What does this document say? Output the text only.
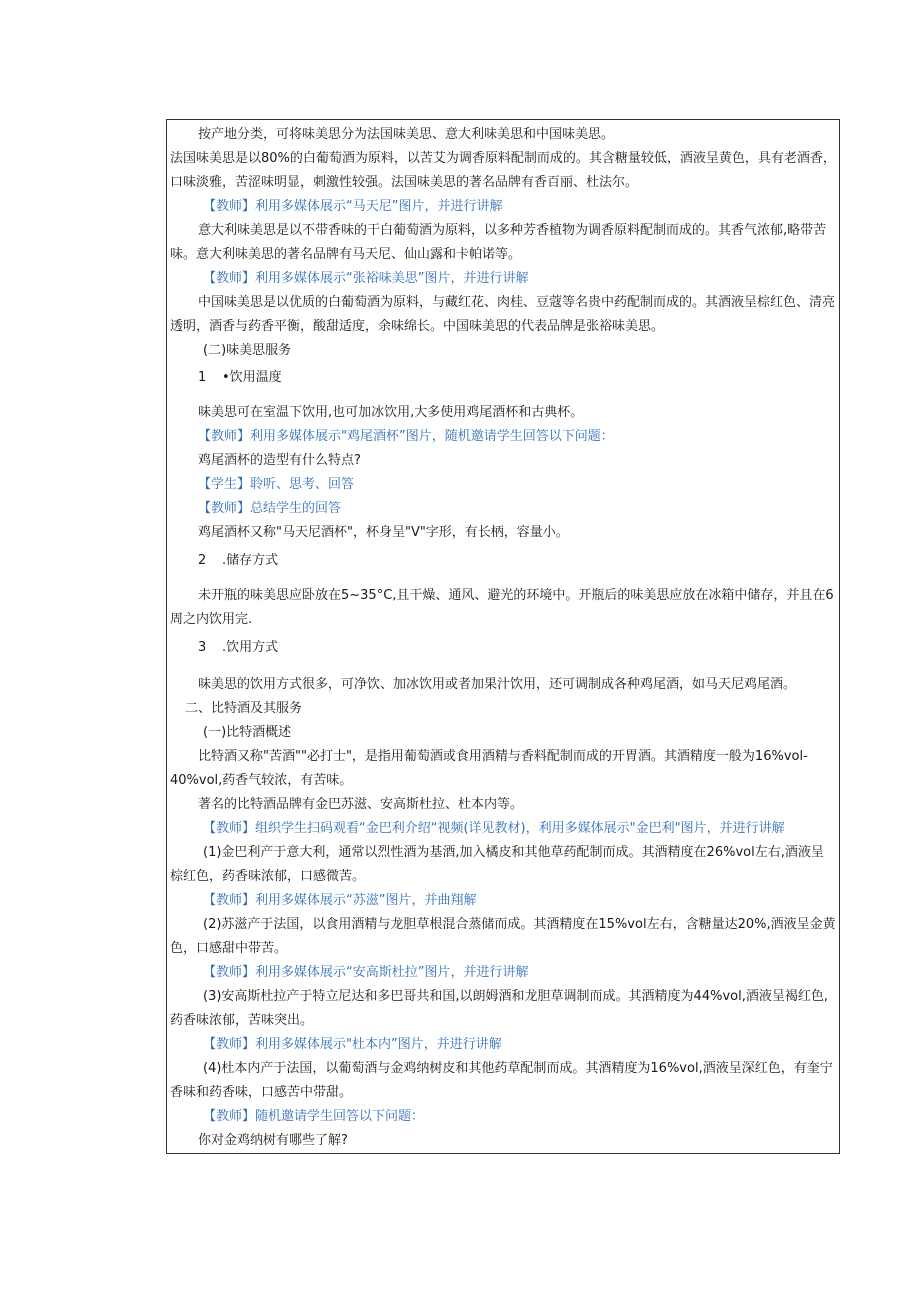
按产地分类，可将味美思分为法国味美思、意大利味美思和中国味美思。
法国味美思是以80%的白葡萄酒为原料，以苦艾为调香原料配制而成的。其含糖量较低，酒液呈黄色，具有老酒香，口味淡雅，苦涩味明显，刺激性较强。法国味美思的著名品牌有香百丽、杜法尔。
【教师】利用多媒体展示“马天尼”图片，并进行讲解
意大利味美思是以不带香味的干白葡萄酒为原料，以多种芳香植物为调香原料配制而成的。其香气浓郁,略带苦味。意大利味美思的著名品牌有马天尼、仙山露和卡帕诺等。
【教师】利用多媒体展示“张裕味美思”图片，并进行讲解
中国味美思是以优质的白葡萄酒为原料，与藏红花、肉桂、豆蔻等名贵中药配制而成的。其酒液呈棕红色、清亮透明，酒香与药香平衡，酸甜适度，余味绵长。中国味美思的代表品牌是张裕味美思。
(二)味美思服务
1 •饮用温度
味美思可在室温下饮用,也可加冰饮用,大多使用鸡尾酒杯和古典杯。
【教师】利用多媒体展示"鸡尾酒杯”图片，随机邀请学生回答以下问题：
鸡尾酒杯的造型有什么特点?
【学生】聆听、思考、回答
【教师】总结学生的回答
鸡尾酒杯又称"马天尼酒杯"，杯身呈"V"字形，有长柄，容量小。
2 .储存方式
未开瓶的味美思应卧放在5~35°C,且干燥、通风、避光的环境中。开瓶后的味美思应放在冰箱中储存，并且在6周之内饮用完.
3 .饮用方式
味美思的饮用方式很多，可净饮、加冰饮用或者加果汁饮用，还可调制成各种鸡尾酒，如马天尼鸡尾酒。
二、比特酒及其服务
(一)比特酒概述
比特酒又称"苦酒""必打士"，是指用葡萄酒或食用酒精与香料配制而成的开胃酒。其酒精度一般为16%vol-40%vol,药香气较浓，有苦味。
著名的比特酒品牌有金巴苏滋、安高斯杜拉、杜本内等。
【教师】组织学生扫码观看“金巴利介绍“视频(详见教材)，利用多媒体展示"金巴利"图片，并进行讲解
(1)金巴利产于意大利，通常以烈性酒为基酒,加入橘皮和其他草药配制而成。其酒精度在26%vol左右,酒液呈棕红色，药香味浓郁，口感微苦。
【教师】利用多媒体展示“苏滋”图片，并曲翔解
(2)苏滋产于法国，以食用酒精与龙胆草根混合蒸储而成。其酒精度在15%vol左右，含糖量达20%,酒液呈金黄色，口感甜中带苦。
【教师】利用多媒体展示“安高斯杜拉”图片，并进行讲解
(3)安高斯杜拉产于特立尼达和多巴哥共和国,以朗姆酒和龙胆草调制而成。其酒精度为44%vol,酒液呈褐红色,药香味浓郁，苦味突出。
【教师】利用多媒体展示"杜本内”图片，并进行讲解
(4)杜本内产于法国，以葡萄酒与金鸡纳树皮和其他药草配制而成。其酒精度为16%vol,酒液呈深红色，有奎宁香味和药香味，口感苦中带甜。
【教师】随机邀请学生回答以下问题：
你对金鸡纳树有哪些了解?
